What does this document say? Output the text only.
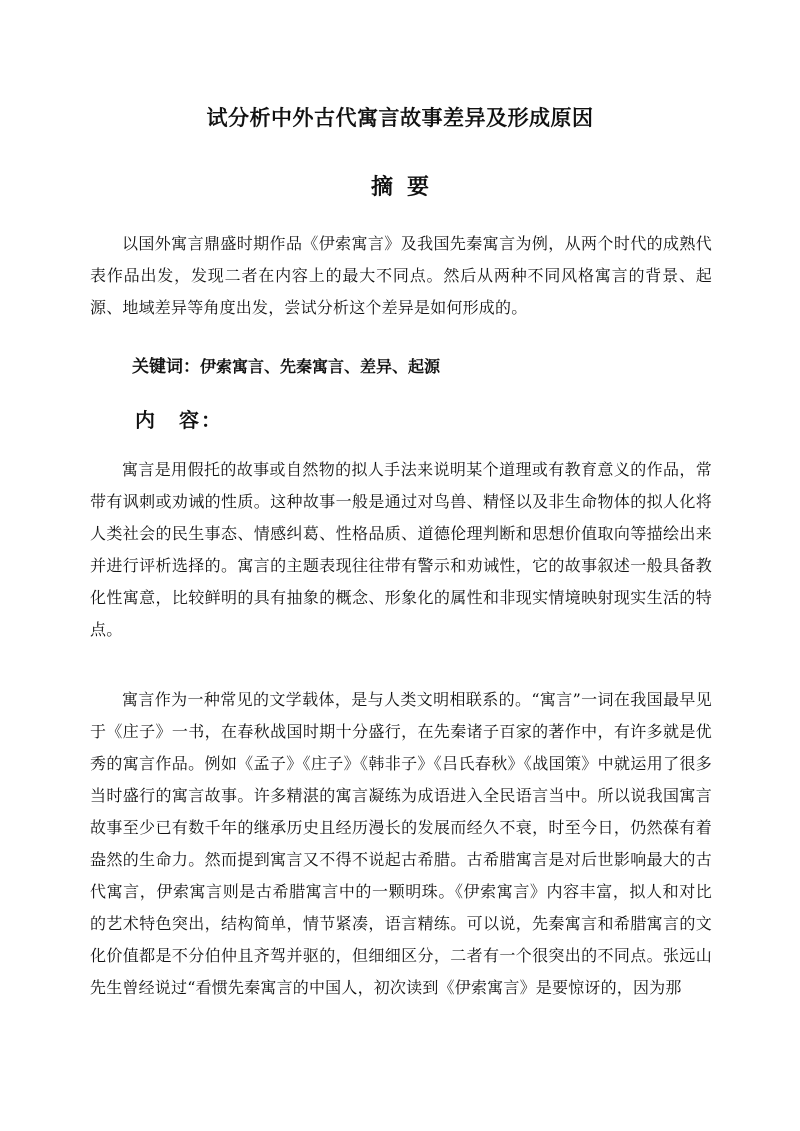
试分析中外古代寓言故事差异及形成原因
摘 要
以国外寓言鼎盛时期作品《伊索寓言》及我国先秦寓言为例，从两个时代的成熟代表作品出发，发现二者在内容上的最大不同点。然后从两种不同风格寓言的背景、起源、地域差异等角度出发，尝试分析这个差异是如何形成的。
关键词：伊索寓言、先秦寓言、差异、起源
内 容：
寓言是用假托的故事或自然物的拟人手法来说明某个道理或有教育意义的作品，常带有讽刺或劝诫的性质。这种故事一般是通过对鸟兽、精怪以及非生命物体的拟人化将人类社会的民生事态、情感纠葛、性格品质、道德伦理判断和思想价值取向等描绘出来并进行评析选择的。寓言的主题表现往往带有警示和劝诫性，它的故事叙述一般具备教化性寓意，比较鲜明的具有抽象的概念、形象化的属性和非现实情境映射现实生活的特点。
寓言作为一种常见的文学载体，是与人类文明相联系的。“寓言”一词在我国最早见于《庄子》一书，在春秋战国时期十分盛行，在先秦诸子百家的著作中，有许多就是优秀的寓言作品。例如《孟子》《庄子》《韩非子》《吕氏春秋》《战国策》中就运用了很多当时盛行的寓言故事。许多精湛的寓言凝练为成语进入全民语言当中。所以说我国寓言故事至少已有数千年的继承历史且经历漫长的发展而经久不衰，时至今日，仍然葆有着盎然的生命力。然而提到寓言又不得不说起古希腊。古希腊寓言是对后世影响最大的古代寓言，伊索寓言则是古希腊寓言中的一颗明珠。《伊索寓言》内容丰富，拟人和对比的艺术特色突出，结构简单，情节紧凑，语言精练。可以说，先秦寓言和希腊寓言的文化价值都是不分伯仲且齐驾并驱的，但细细区分，二者有一个很突出的不同点。张远山先生曾经说过“看惯先秦寓言的中国人，初次读到《伊索寓言》是要惊讶的，因为那
